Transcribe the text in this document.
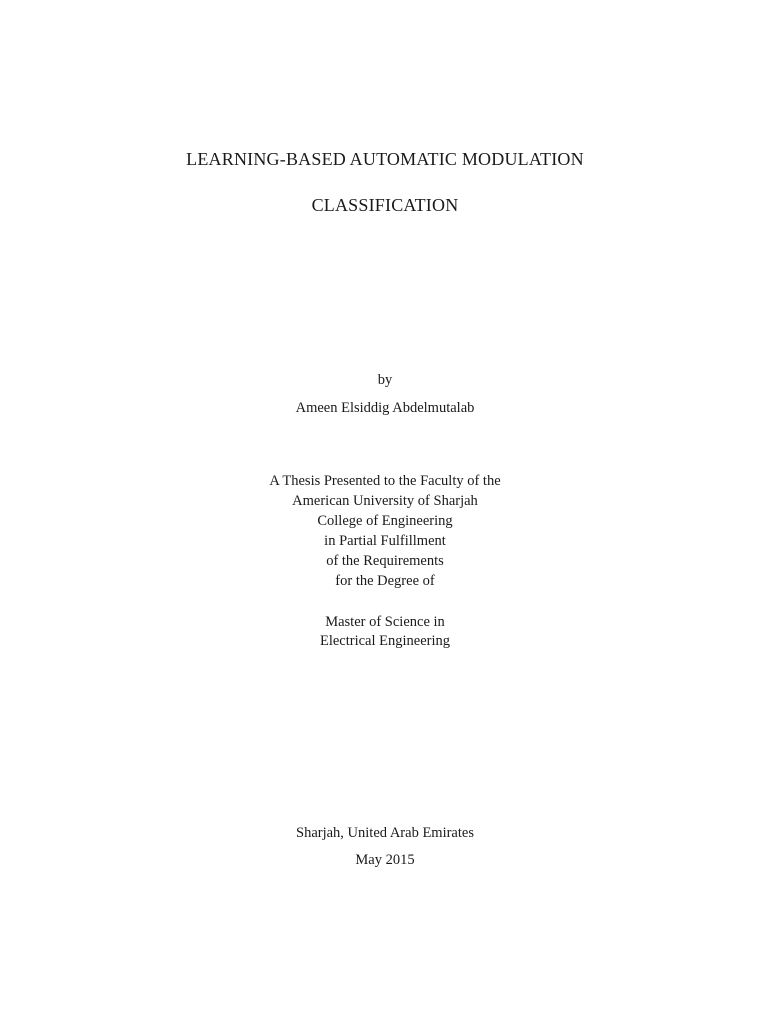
LEARNING-BASED AUTOMATIC MODULATION
CLASSIFICATION
by
Ameen Elsiddig Abdelmutalab
A Thesis Presented to the Faculty of the
American University of Sharjah
College of Engineering
in Partial Fulfillment
of the Requirements
for the Degree of
Master of Science in
Electrical Engineering
Sharjah, United Arab Emirates
May 2015
